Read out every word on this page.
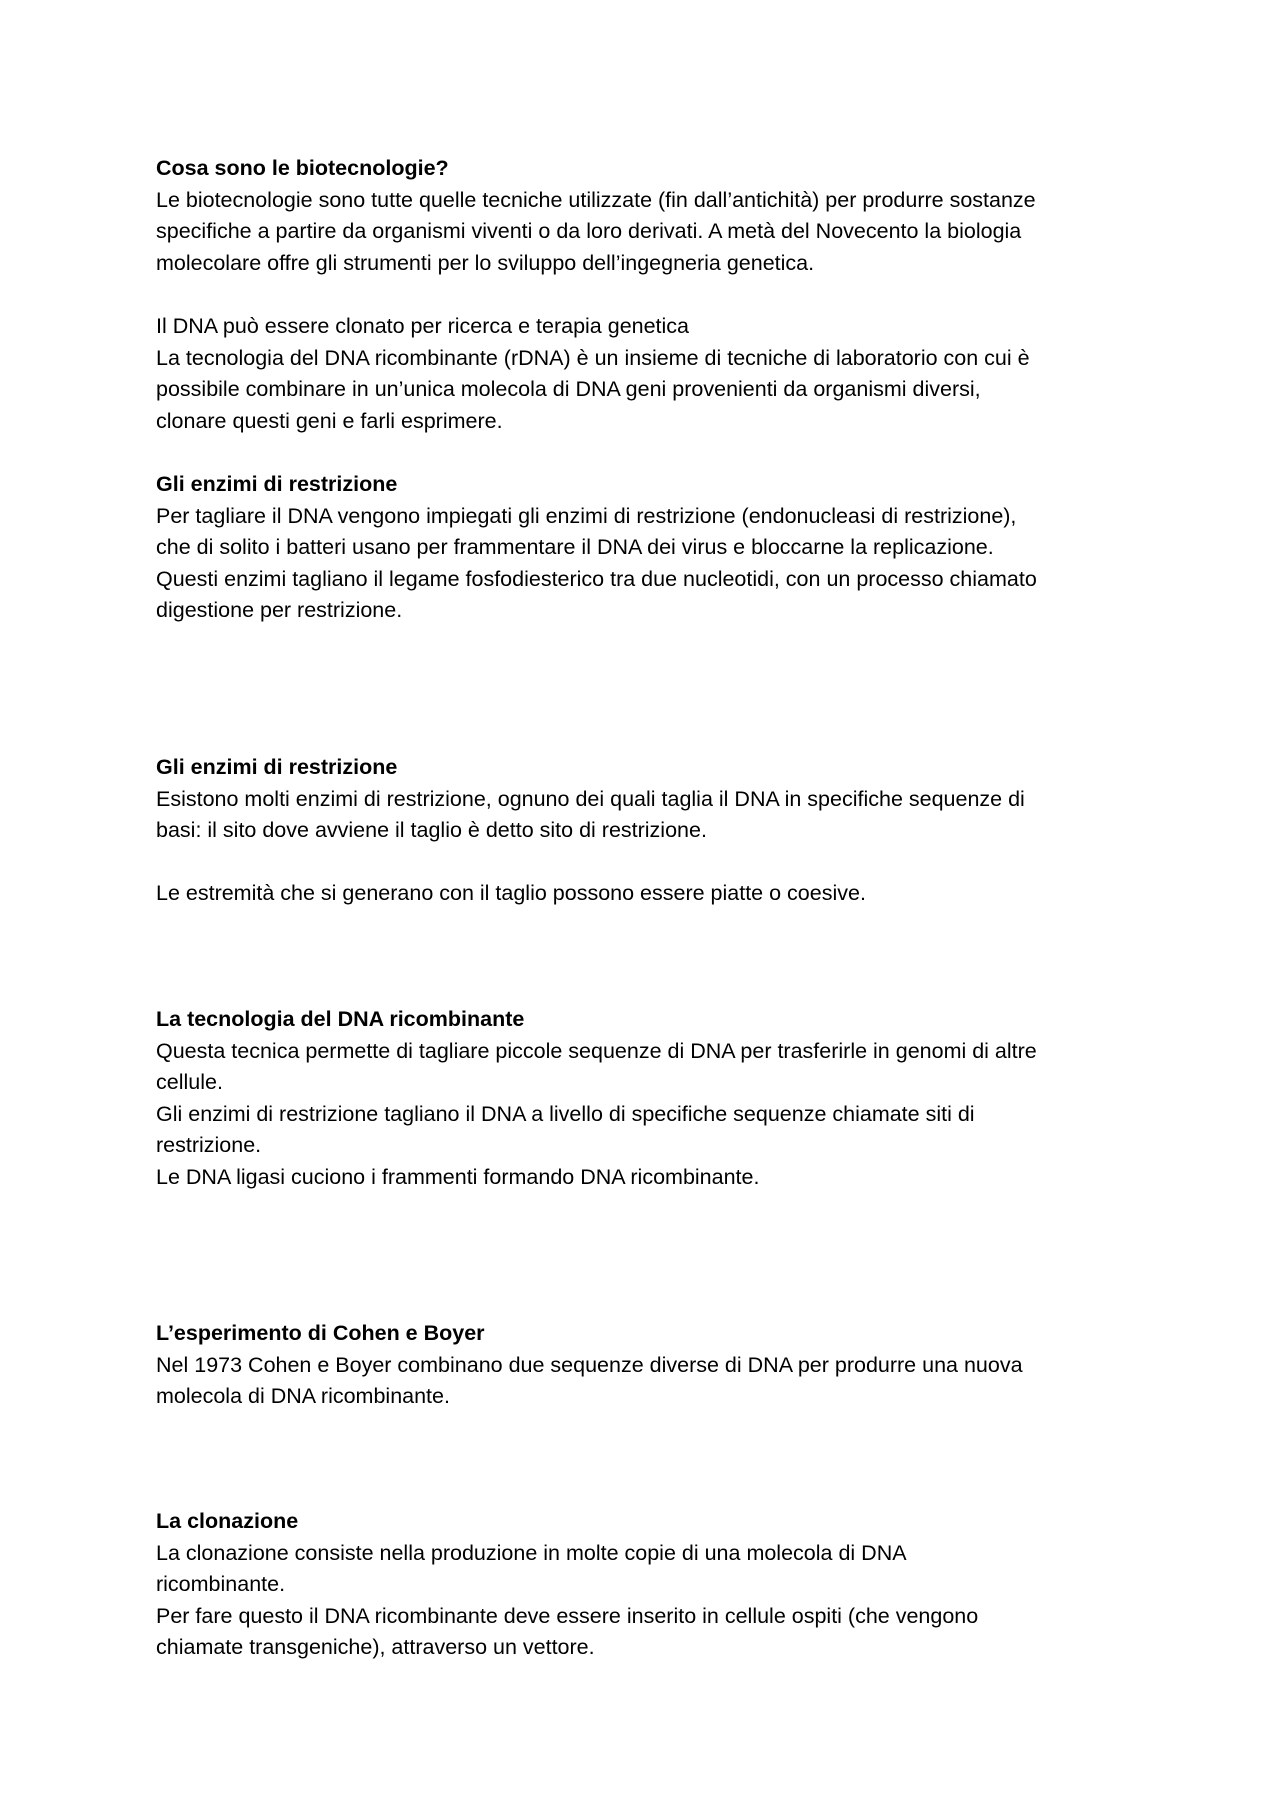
Cosa sono le biotecnologie?
Le biotecnologie sono tutte quelle tecniche utilizzate (fin dall’antichità) per produrre sostanze
specifiche a partire da organismi viventi o da loro derivati. A metà del Novecento la biologia
molecolare offre gli strumenti per lo sviluppo dell’ingegneria genetica.
Il DNA può essere clonato per ricerca e terapia genetica
La tecnologia del DNA ricombinante (rDNA) è un insieme di tecniche di laboratorio con cui è
possibile combinare in un’unica molecola di DNA geni provenienti da organismi diversi,
clonare questi geni e farli esprimere.
Gli enzimi di restrizione
Per tagliare il DNA vengono impiegati gli enzimi di restrizione (endonucleasi di restrizione),
che di solito i batteri usano per frammentare il DNA dei virus e bloccarne la replicazione.
Questi enzimi tagliano il legame fosfodiesterico tra due nucleotidi, con un processo chiamato
digestione per restrizione.
Gli enzimi di restrizione
Esistono molti enzimi di restrizione, ognuno dei quali taglia il DNA in specifiche sequenze di
basi: il sito dove avviene il taglio è detto sito di restrizione.
Le estremità che si generano con il taglio possono essere piatte o coesive.
La tecnologia del DNA ricombinante
Questa tecnica permette di tagliare piccole sequenze di DNA per trasferirle in genomi di altre
cellule.
Gli enzimi di restrizione tagliano il DNA a livello di specifiche sequenze chiamate siti di
restrizione.
Le DNA ligasi cuciono i frammenti formando DNA ricombinante.
L’esperimento di Cohen e Boyer
Nel 1973 Cohen e Boyer combinano due sequenze diverse di DNA per produrre una nuova
molecola di DNA ricombinante.
La clonazione
La clonazione consiste nella produzione in molte copie di una molecola di DNA
ricombinante.
Per fare questo il DNA ricombinante deve essere inserito in cellule ospiti (che vengono
chiamate transgeniche), attraverso un vettore.
